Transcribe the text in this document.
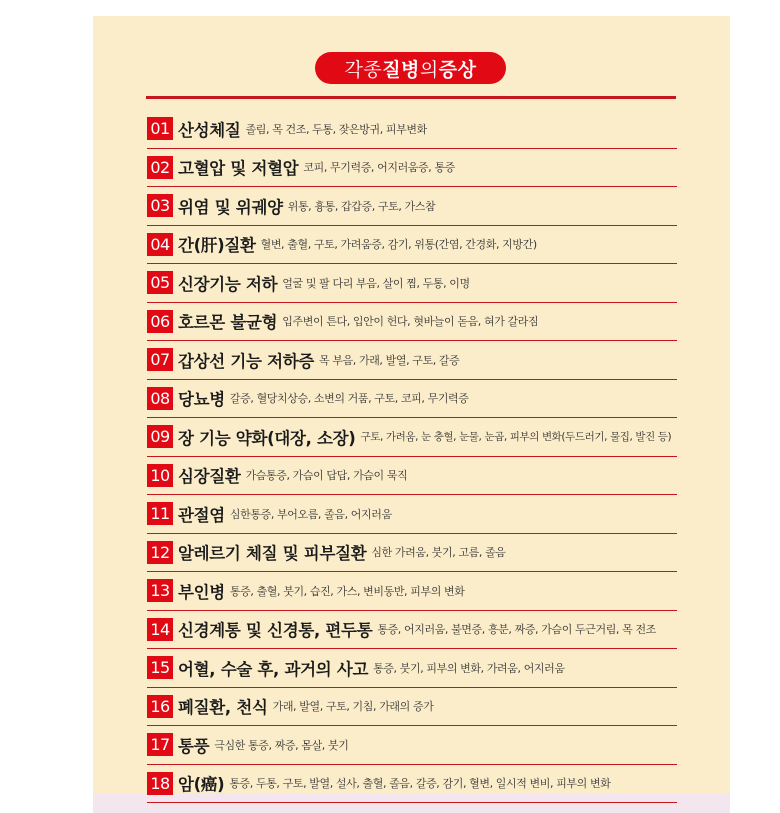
각종 질병 의 증상
01 산성체질 졸림, 목 건조, 두통, 잦은방귀, 피부변화
02 고혈압 및 저혈압 코피, 무기력증, 어지러움증, 통증
03 위염 및 위궤양 위통, 흉통, 갑갑증, 구토, 가스참
04 간(肝)질환 혈변, 출혈, 구토, 가려움증, 감기, 위통(간염, 간경화, 지방간)
05 신장기능 저하 얼굴 및 팔 다리 부음, 살이 찜, 두통, 이명
06 호르몬 불균형 입주변이 튼다, 입안이 헌다, 혓바늘이 돋음, 혀가 갈라짐
07 갑상선 기능 저하증 목 부음, 가래, 발열, 구토, 갈증
08 당뇨병 갈증, 혈당치상승, 소변의 거품, 구토, 코피, 무기력증
09 장 기능 약화(대장, 소장) 구토, 가려움, 눈 충혈, 눈물, 눈곱, 피부의 변화(두드러기, 물집, 발진 등)
10 심장질환 가슴통증, 가슴이 답답, 가슴이 묵직
11 관절염 심한통증, 부어오름, 졸음, 어지러움
12 알레르기 체질 및 피부질환 심한 가려움, 붓기, 고름, 졸음
13 부인병 통증, 출혈, 붓기, 습진, 가스, 변비동반, 피부의 변화
14 신경계통 및 신경통, 편두통 통증, 어지러움, 불면증, 흥분, 짜증, 가슴이 두근거림, 목 전조
15 어혈, 수술 후, 과거의 사고 통증, 붓기, 피부의 변화, 가려움, 어지러움
16 폐질환, 천식 가래, 발열, 구토, 기침, 가래의 증가
17 통풍 극심한 통증, 짜증, 몸살, 붓기
18 암(癌) 통증, 두통, 구토, 발열, 설사, 출혈, 졸음, 갈증, 감기, 혈변, 일시적 변비, 피부의 변화
